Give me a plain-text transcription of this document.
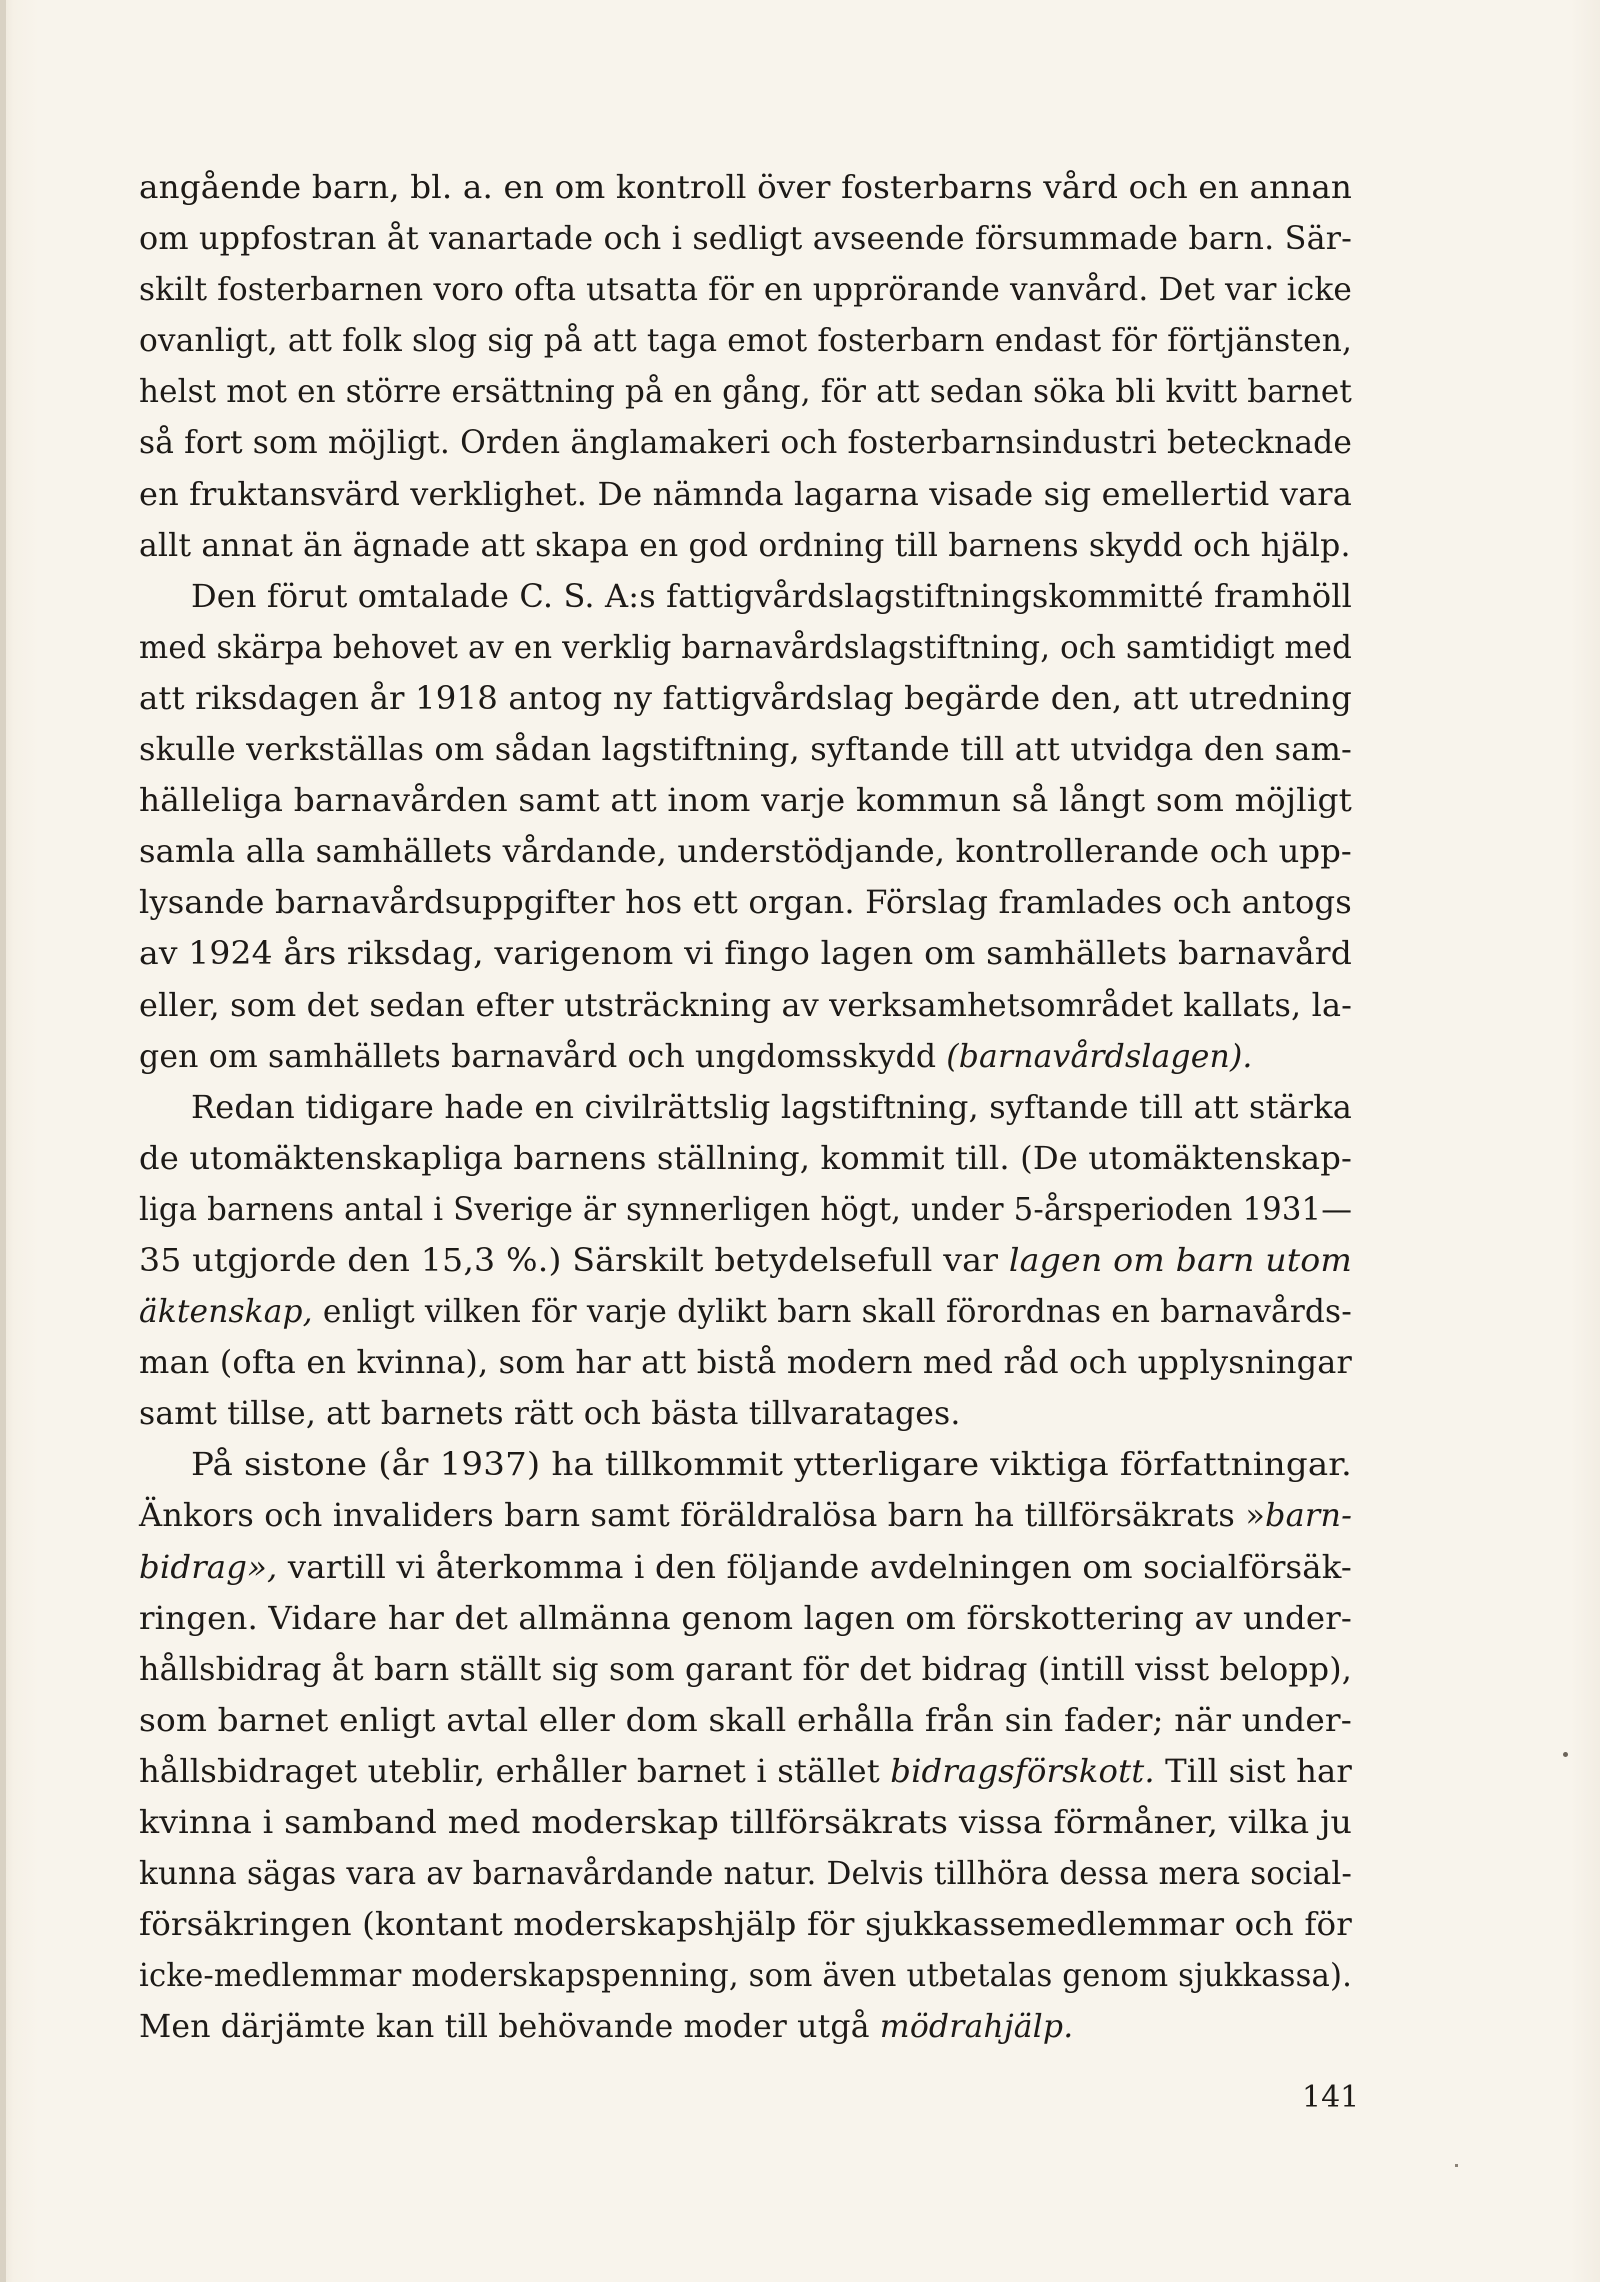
angående barn, bl. a. en om kontroll över fosterbarns vård och en annan
om uppfostran åt vanartade och i sedligt avseende försummade barn. Sär-
skilt fosterbarnen voro ofta utsatta för en upprörande vanvård. Det var icke
ovanligt, att folk slog sig på att taga emot fosterbarn endast för förtjänsten,
helst mot en större ersättning på en gång, för att sedan söka bli kvitt barnet
så fort som möjligt. Orden änglamakeri och fosterbarnsindustri betecknade
en fruktansvärd verklighet. De nämnda lagarna visade sig emellertid vara
allt annat än ägnade att skapa en god ordning till barnens skydd och hjälp.
Den förut omtalade C. S. A:s fattigvårdslagstiftningskommitté framhöll
med skärpa behovet av en verklig barnavårdslagstiftning, och samtidigt med
att riksdagen år 1918 antog ny fattigvårdslag begärde den, att utredning
skulle verkställas om sådan lagstiftning, syftande till att utvidga den sam-
hälleliga barnavården samt att inom varje kommun så långt som möjligt
samla alla samhällets vårdande, understödjande, kontrollerande och upp-
lysande barnavårdsuppgifter hos ett organ. Förslag framlades och antogs
av 1924 års riksdag, varigenom vi fingo lagen om samhällets barnavård
eller, som det sedan efter utsträckning av verksamhetsområdet kallats, la-
gen om samhällets barnavård och ungdomsskydd (barnavårdslagen).
Redan tidigare hade en civilrättslig lagstiftning, syftande till att stärka
de utomäktenskapliga barnens ställning, kommit till. (De utomäktenskap-
liga barnens antal i Sverige är synnerligen högt, under 5-årsperioden 1931—
35 utgjorde den 15,3 %.) Särskilt betydelsefull var lagen om barn utom
äktenskap, enligt vilken för varje dylikt barn skall förordnas en barnavårds-
man (ofta en kvinna), som har att bistå modern med råd och upplysningar
samt tillse, att barnets rätt och bästa tillvaratages.
På sistone (år 1937) ha tillkommit ytterligare viktiga författningar.
Änkors och invaliders barn samt föräldralösa barn ha tillförsäkrats »barn-
bidrag», vartill vi återkomma i den följande avdelningen om socialförsäk-
ringen. Vidare har det allmänna genom lagen om förskottering av under-
hållsbidrag åt barn ställt sig som garant för det bidrag (intill visst belopp),
som barnet enligt avtal eller dom skall erhålla från sin fader; när under-
hållsbidraget uteblir, erhåller barnet i stället bidragsförskott. Till sist har
kvinna i samband med moderskap tillförsäkrats vissa förmåner, vilka ju
kunna sägas vara av barnavårdande natur. Delvis tillhöra dessa mera social-
försäkringen (kontant moderskapshjälp för sjukkassemedlemmar och för
icke-medlemmar moderskapspenning, som även utbetalas genom sjukkassa).
Men därjämte kan till behövande moder utgå mödrahjälp.
141
